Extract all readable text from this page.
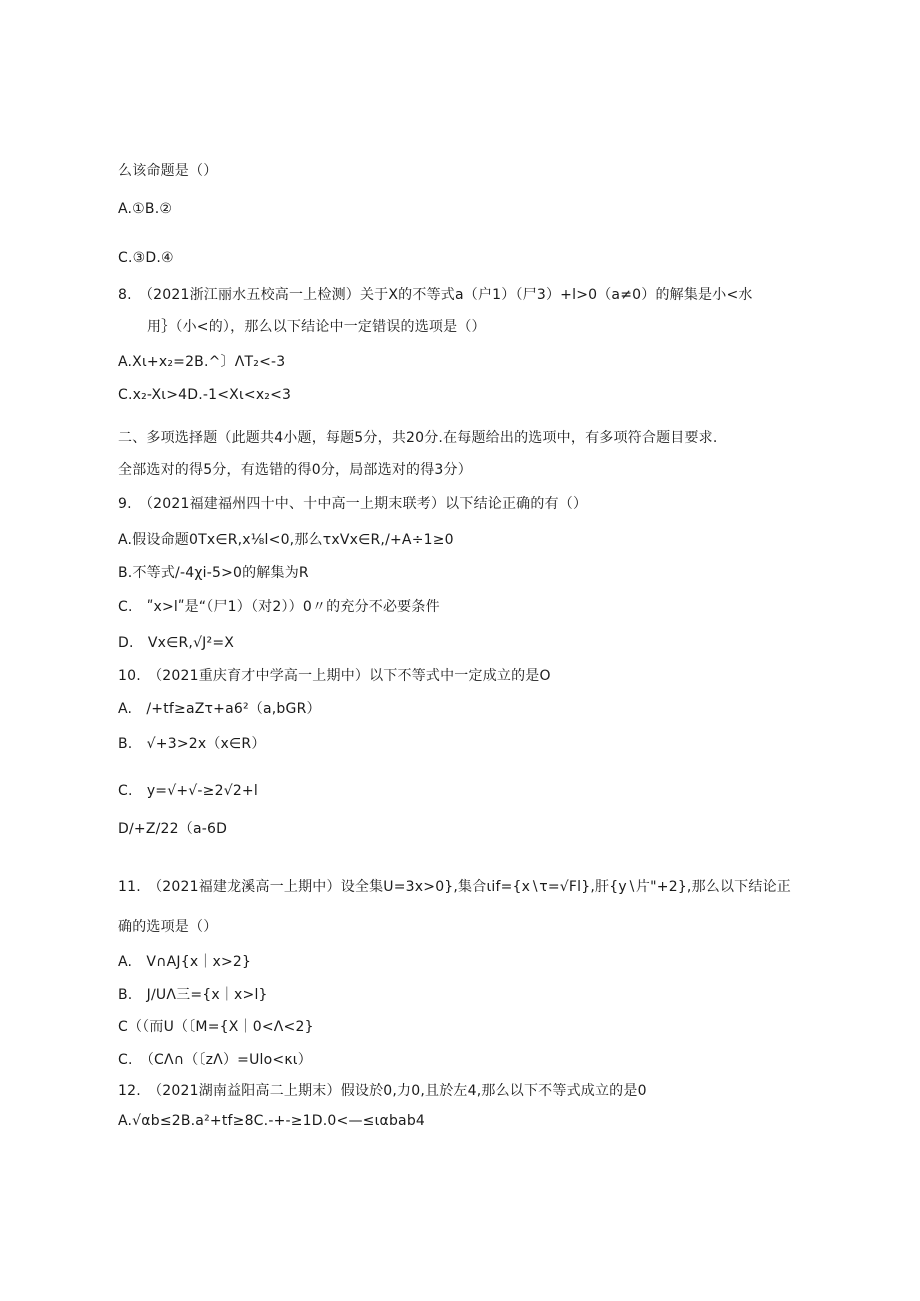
么该命题是（）
A.①B.②
C.③D.④
8.　（2021浙江丽水五校高一上检测）关于X的不等式a（户1）（尸3）+l>0（a≠0）的解集是小<水
用｝（小<的），那么以下结论中一定错误的选项是（）
A.Xι+x₂=2B.^〕ΛT₂<-3
C.x₂-Xι>4D.-1<Xι<x₂<3
二、多项选择题（此题共4小题，每题5分，共20分.在每题给出的选项中，有多项符合题目要求.
全部选对的得5分，有选错的得0分，局部选对的得3分）
9.　（2021福建福州四十中、十中高一上期末联考）以下结论正确的有（）
A.假设命题0Tx∈R,x⅛l<0,那么τxVx∈R,/+A÷1≥0
B.不等式/-4χi-5>0的解集为R
C.　ʺx>lʺ是“（尸1）（对2））0〃的充分不必要条件
D.　Vx∈R,√J²=X
10.　（2021重庆育才中学高一上期中）以下不等式中一定成立的是O
A.　/+tf≥aZτ+a6²（a,bGR）
B.　√+3>2x（x∈R）
C.　y=√+√-≥2√2+l
D∕+Z∕22（a-6D
11.　（2021福建龙溪高一上期中）设全集U=3x>0},集合ιif={x∖τ=√Fl},肝{y∖片"+2},那么以下结论正
确的选项是（）
A.　V∩AJ{x｜x>2}
B.　J∕UΛ三={x｜x>l}
C（（而U（〔M={X｜0<Λ<2}
C.　（CΛ∩（〔zΛ）=Ulo<κι）
12.　（2021湖南益阳高二上期末）假设於0,力0,且於左4,那么以下不等式成立的是0
A.√αb≤2B.a²+tf≥8C.-+-≥1D.0<—≤ιαbab4
